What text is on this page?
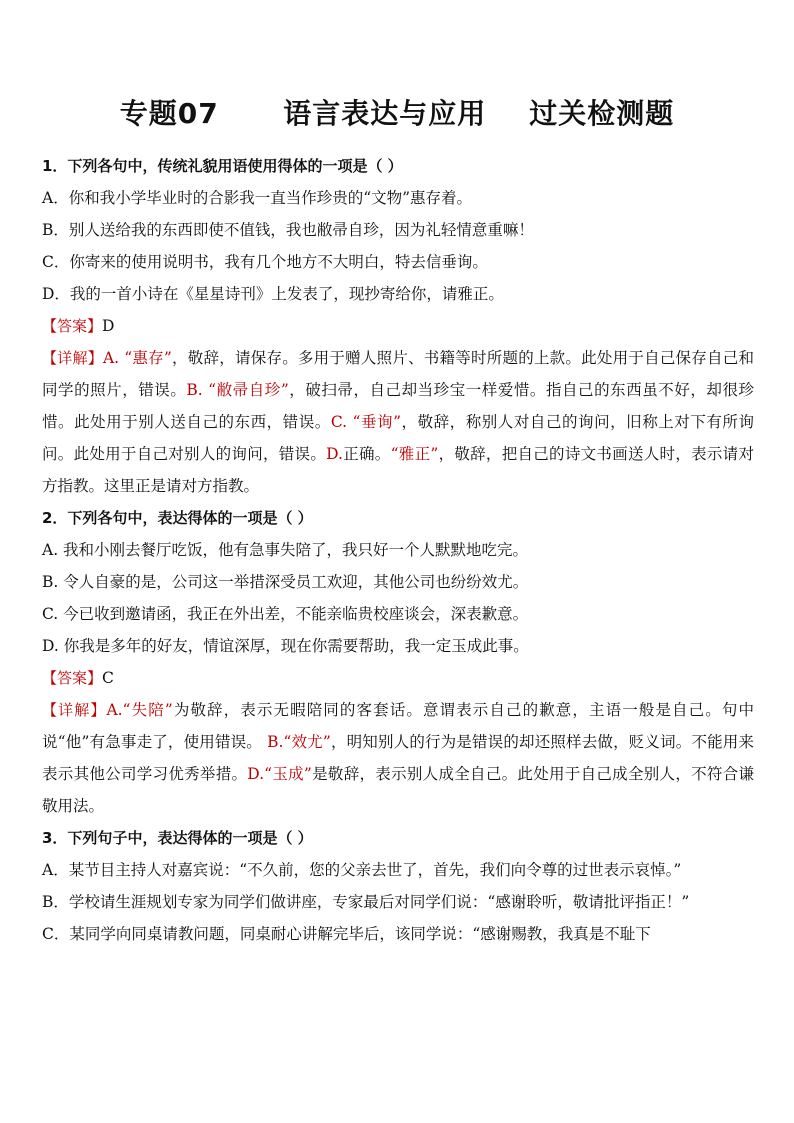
专题07      语言表达与应用    过关检测题

1．下列各句中，传统礼貌用语使用得体的一项是（ ）

A．你和我小学毕业时的合影我一直当作珍贵的“文物”惠存着。

B．别人送给我的东西即使不值钱，我也敝帚自珍，因为礼轻情意重嘛！

C．你寄来的使用说明书，我有几个地方不大明白，特去信垂询。

D．我的一首小诗在《星星诗刊》上发表了，现抄寄给你，请雅正。

【答案】D

【详解】A. “惠存”，敬辞，请保存。多用于赠人照片、书籍等时所题的上款。此处用于自己保存自己和同学的照片，错误。B. “敝帚自珍”，破扫帚，自己却当珍宝一样爱惜。指自己的东西虽不好，却很珍惜。此处用于别人送自己的东西，错误。C. “垂询”，敬辞，称别人对自己的询问，旧称上对下有所询问。此处用于自己对别人的询问，错误。D.正确。“雅正”，敬辞，把自己的诗文书画送人时，表示请对方指教。这里正是请对方指教。

2．下列各句中，表达得体的一项是（ ）

A. 我和小刚去餐厅吃饭，他有急事失陪了，我只好一个人默默地吃完。

B. 令人自豪的是，公司这一举措深受员工欢迎，其他公司也纷纷效尤。

C. 今已收到邀请函，我正在外出差，不能亲临贵校座谈会，深表歉意。

D. 你我是多年的好友，情谊深厚，现在你需要帮助，我一定玉成此事。

【答案】C

【详解】A.“失陪”为敬辞，表示无暇陪同的客套话。意谓表示自己的歉意，主语一般是自己。句中说“他”有急事走了，使用错误。 B.“效尤”，明知别人的行为是错误的却还照样去做，贬义词。不能用来表示其他公司学习优秀举措。D.“玉成”是敬辞，表示别人成全自己。此处用于自己成全别人，不符合谦敬用法。

3．下列句子中，表达得体的一项是（ ）

A．某节目主持人对嘉宾说：“不久前，您的父亲去世了，首先，我们向令尊的过世表示哀悼。”

B．学校请生涯规划专家为同学们做讲座，专家最后对同学们说：“感谢聆听，敬请批评指正！”

C．某同学向同桌请教问题，同桌耐心讲解完毕后，该同学说：“感谢赐教，我真是不耻下
